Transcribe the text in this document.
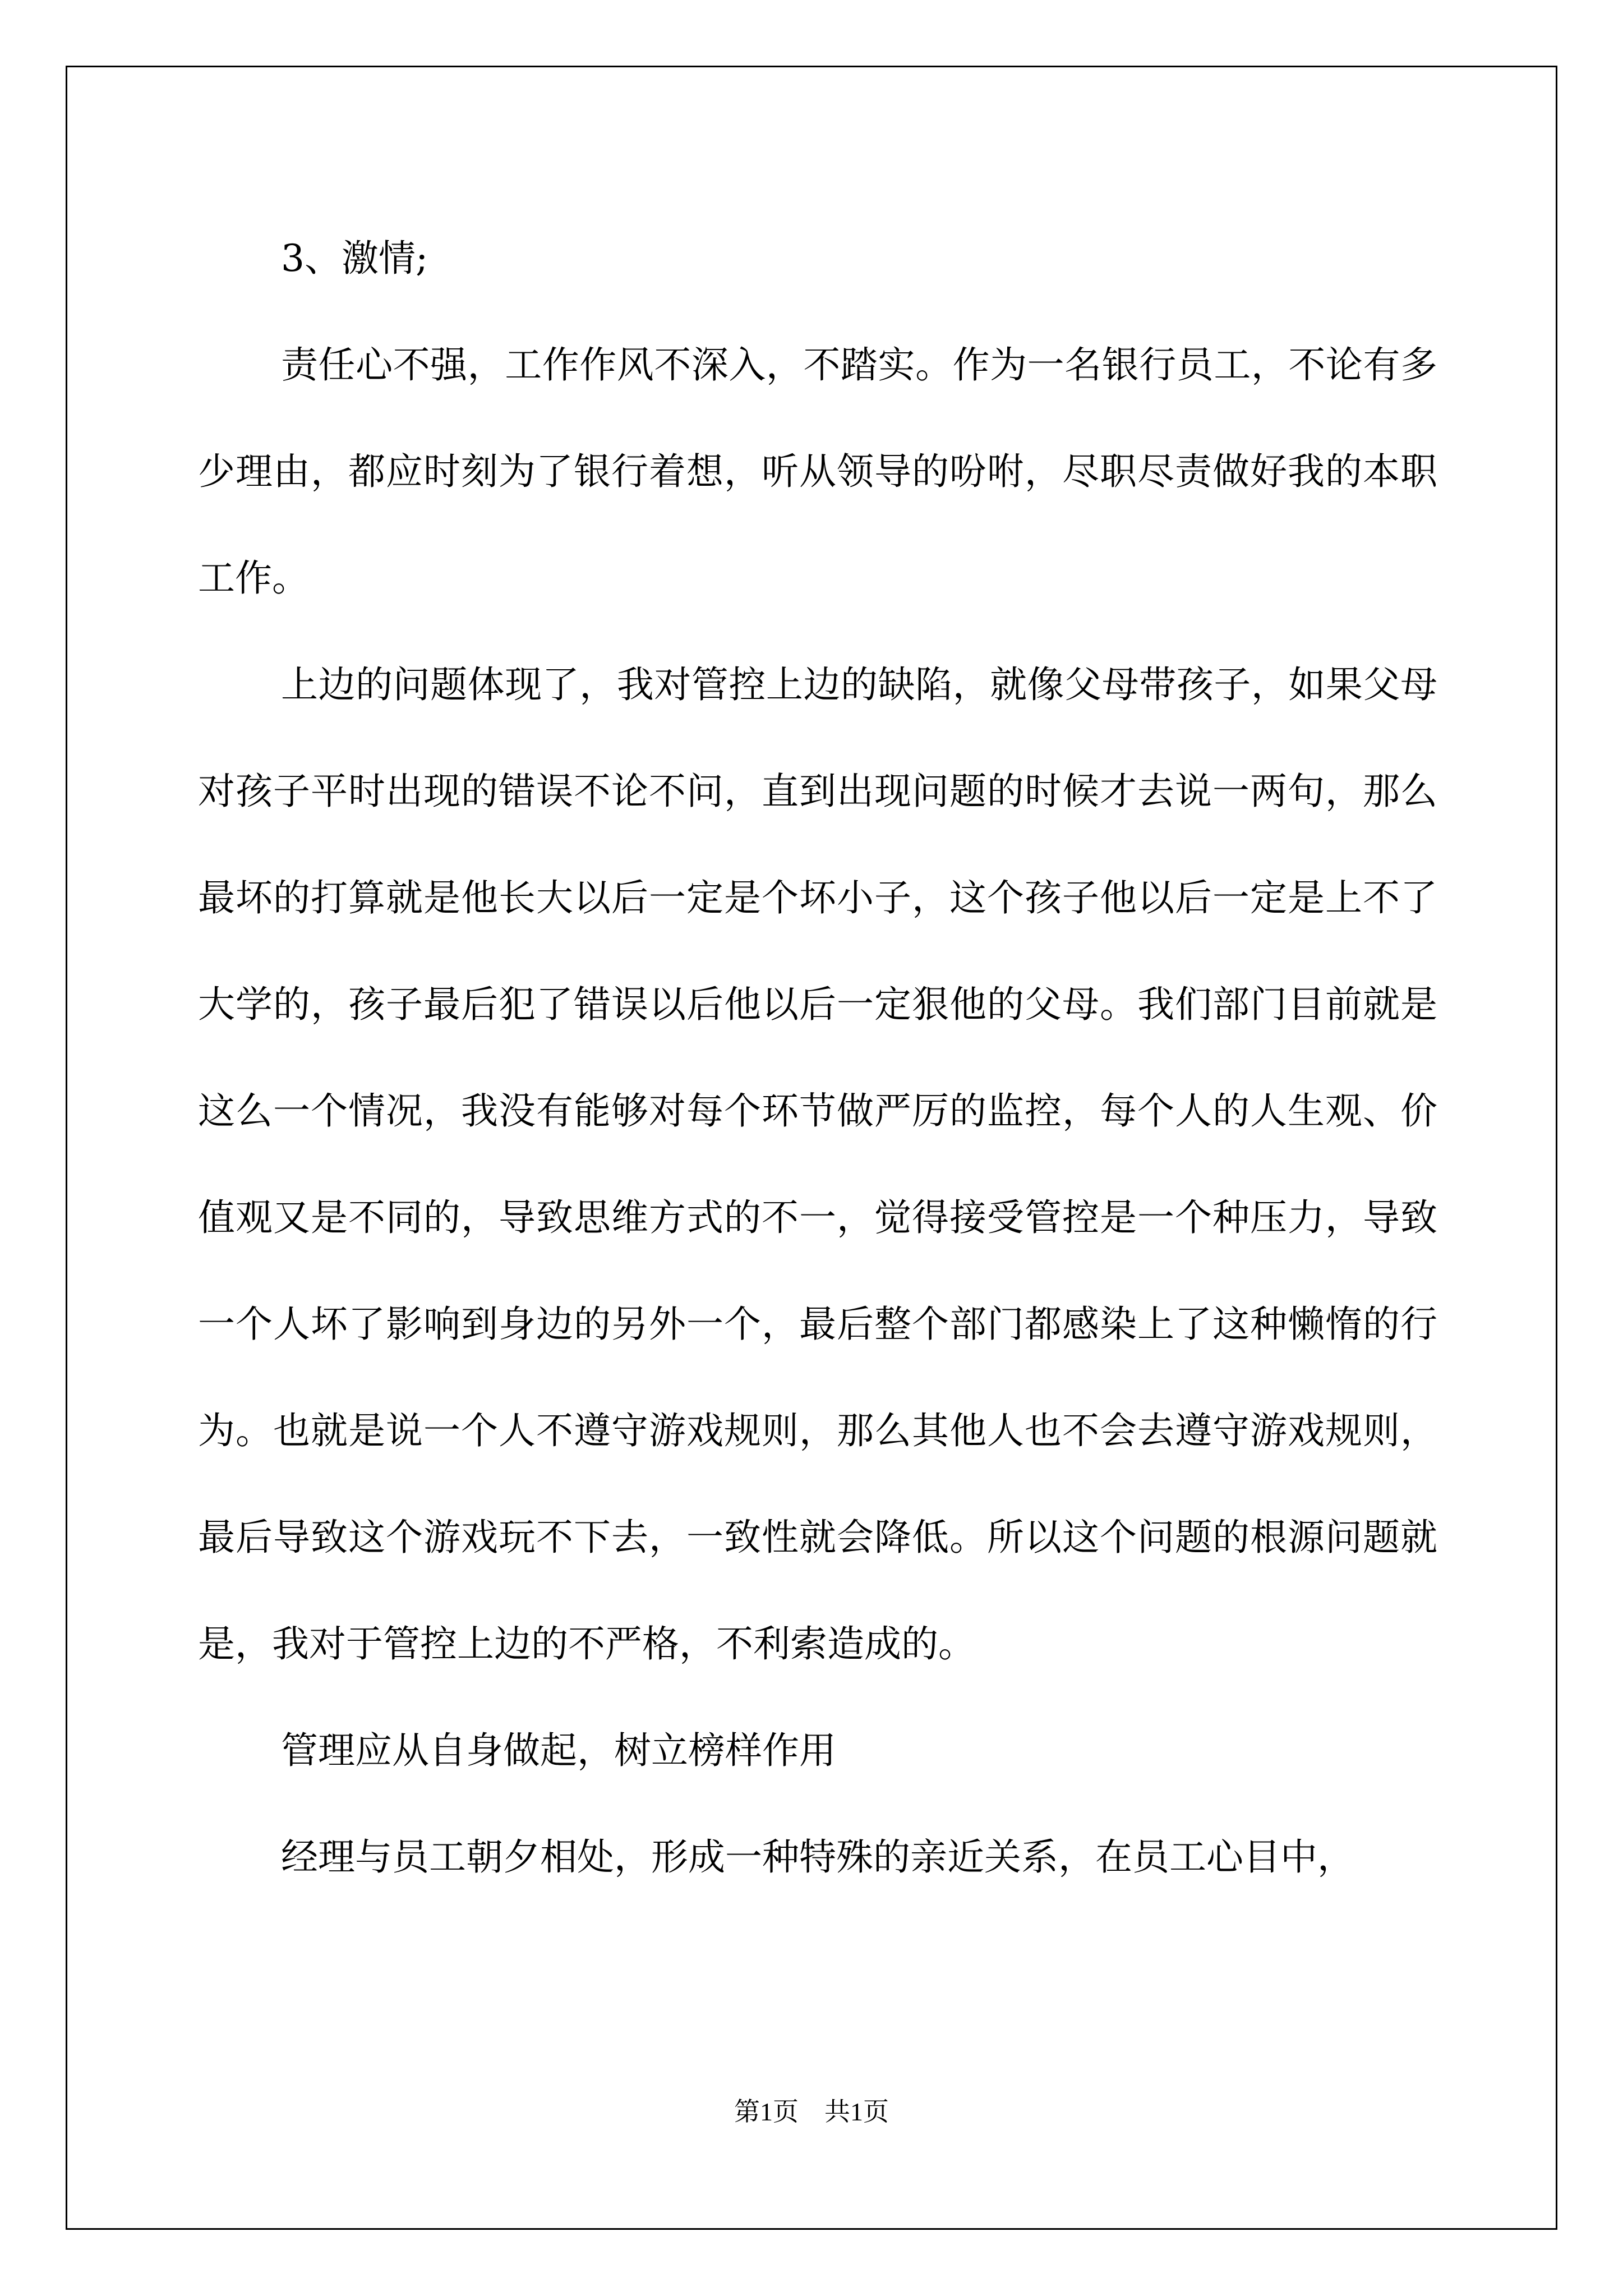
3、激情;

责任心不强，工作作风不深入，不踏实。作为一名银行员工，不论有多少理由，都应时刻为了银行着想，听从领导的吩咐，尽职尽责做好我的本职工作。

上边的问题体现了，我对管控上边的缺陷，就像父母带孩子，如果父母对孩子平时出现的错误不论不问，直到出现问题的时候才去说一两句，那么最坏的打算就是他长大以后一定是个坏小子，这个孩子他以后一定是上不了大学的，孩子最后犯了错误以后他以后一定狠他的父母。我们部门目前就是这么一个情况，我没有能够对每个环节做严厉的监控，每个人的人生观、价值观又是不同的，导致思维方式的不一，觉得接受管控是一个种压力，导致一个人坏了影响到身边的另外一个，最后整个部门都感染上了这种懒惰的行为。也就是说一个人不遵守游戏规则，那么其他人也不会去遵守游戏规则，最后导致这个游戏玩不下去，一致性就会降低。所以这个问题的根源问题就是，我对于管控上边的不严格，不利索造成的。

管理应从自身做起，树立榜样作用

经理与员工朝夕相处，形成一种特殊的亲近关系，在员工心目中，

第1页　共1页
